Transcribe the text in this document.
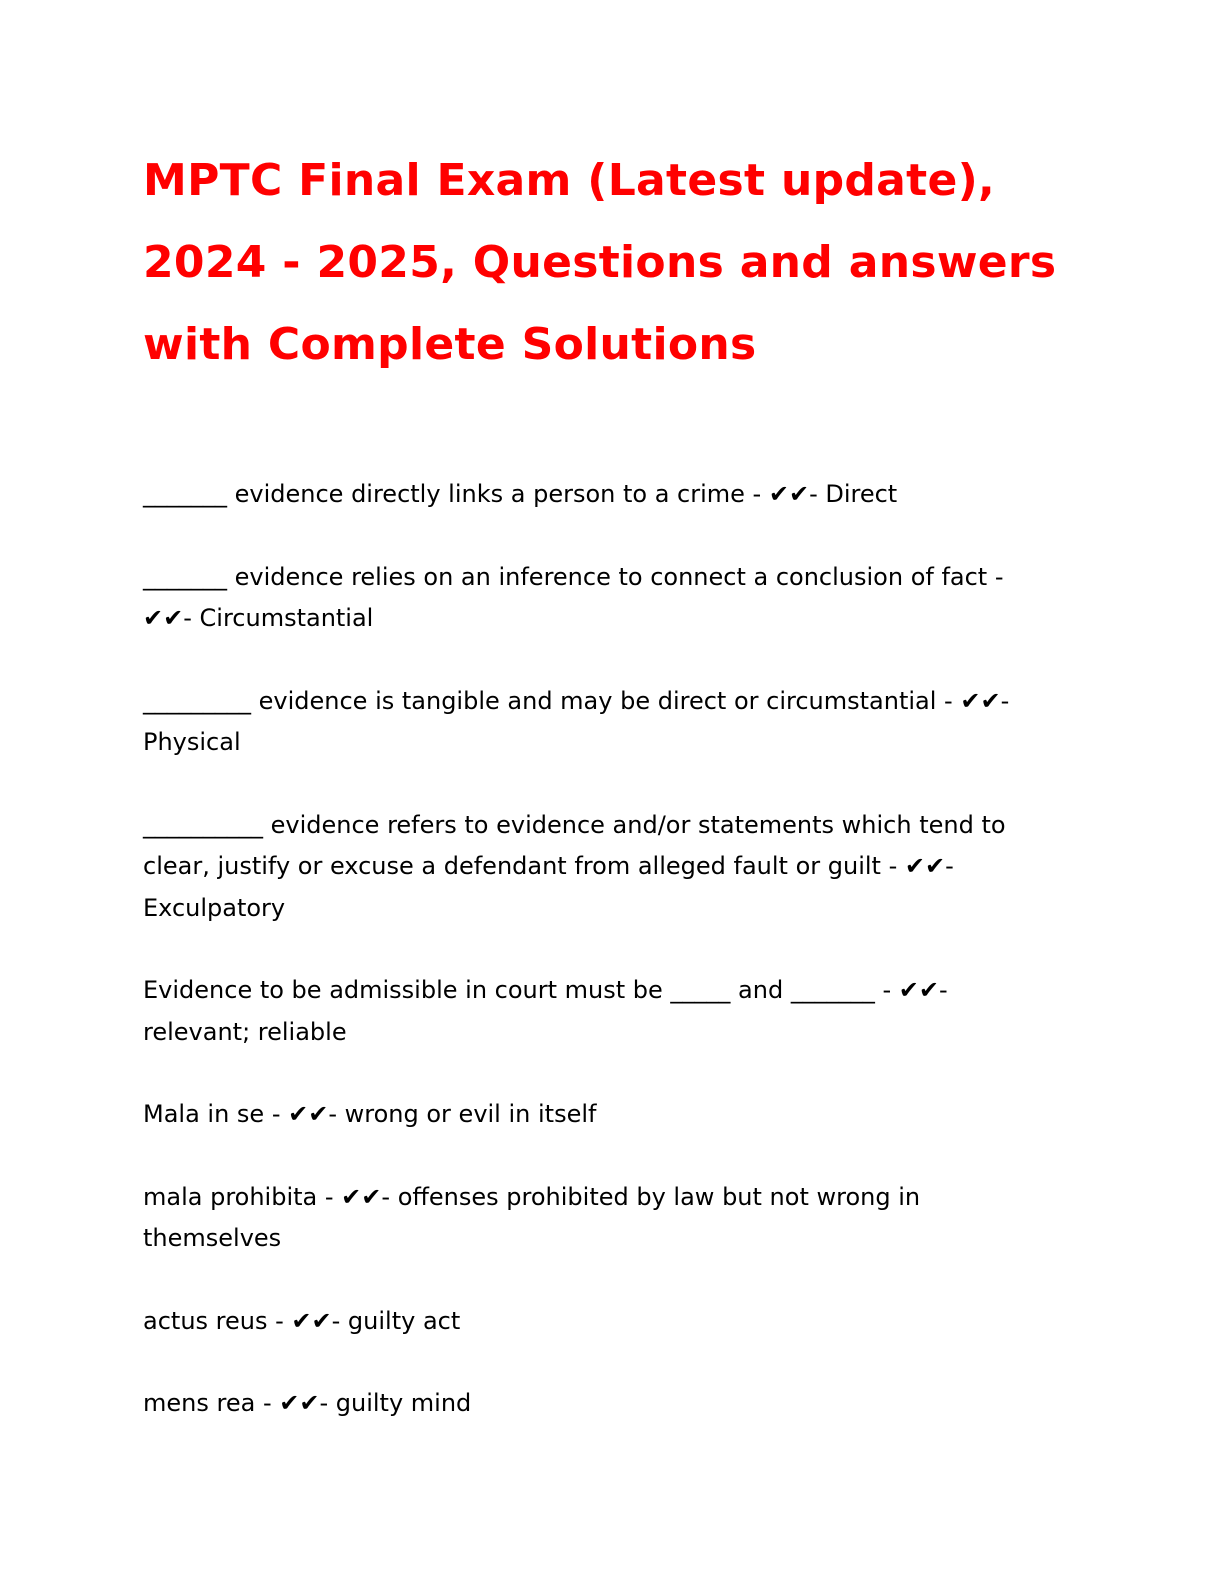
MPTC Final Exam (Latest update),
2024 - 2025, Questions and answers
with Complete Solutions

_______ evidence directly links a person to a crime - ✔✔- Direct

_______ evidence relies on an inference to connect a conclusion of fact -
✔✔- Circumstantial

_________ evidence is tangible and may be direct or circumstantial - ✔✔-
Physical

__________ evidence refers to evidence and/or statements which tend to clear, justify or excuse a defendant from alleged fault or guilt - ✔✔-
Exculpatory

Evidence to be admissible in court must be _____ and _______ - ✔✔-
relevant; reliable

Mala in se - ✔✔- wrong or evil in itself

mala prohibita - ✔✔- offenses prohibited by law but not wrong in themselves

actus reus - ✔✔- guilty act

mens rea - ✔✔- guilty mind
